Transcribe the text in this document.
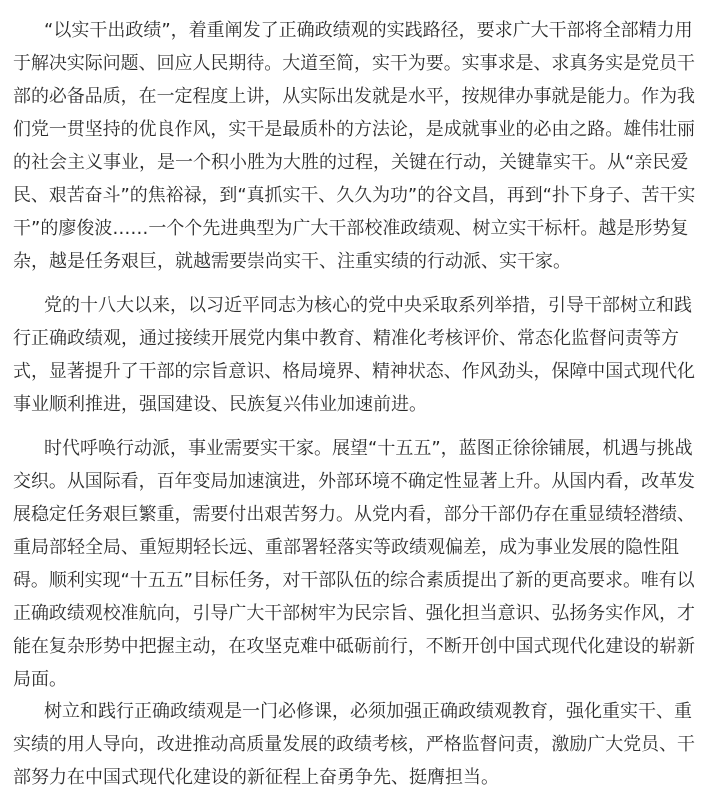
“以实干出政绩”，着重阐发了正确政绩观的实践路径，要求广大干部将全部精力用
于解决实际问题、回应人民期待。大道至简，实干为要。实事求是、求真务实是党员干
部的必备品质，在一定程度上讲，从实际出发就是水平，按规律办事就是能力。作为我
们党一贯坚持的优良作风，实干是最质朴的方法论，是成就事业的必由之路。雄伟壮丽
的社会主义事业，是一个积小胜为大胜的过程，关键在行动，关键靠实干。从“亲民爱
民、艰苦奋斗”的焦裕禄，到“真抓实干、久久为功”的谷文昌，再到“扑下身子、苦干实
干”的廖俊波……一个个先进典型为广大干部校准政绩观、树立实干标杆。越是形势复
杂，越是任务艰巨，就越需要崇尚实干、注重实绩的行动派、实干家。
党的十八大以来，以习近平同志为核心的党中央采取系列举措，引导干部树立和践
行正确政绩观，通过接续开展党内集中教育、精准化考核评价、常态化监督问责等方
式，显著提升了干部的宗旨意识、格局境界、精神状态、作风劲头，保障中国式现代化
事业顺利推进，强国建设、民族复兴伟业加速前进。
时代呼唤行动派，事业需要实干家。展望“十五五”，蓝图正徐徐铺展，机遇与挑战
交织。从国际看，百年变局加速演进，外部环境不确定性显著上升。从国内看，改革发
展稳定任务艰巨繁重，需要付出艰苦努力。从党内看，部分干部仍存在重显绩轻潜绩、
重局部轻全局、重短期轻长远、重部署轻落实等政绩观偏差，成为事业发展的隐性阻
碍。顺利实现“十五五”目标任务，对干部队伍的综合素质提出了新的更高要求。唯有以
正确政绩观校准航向，引导广大干部树牢为民宗旨、强化担当意识、弘扬务实作风，才
能在复杂形势中把握主动，在攻坚克难中砥砺前行，不断开创中国式现代化建设的崭新
局面。
树立和践行正确政绩观是一门必修课，必须加强正确政绩观教育，强化重实干、重
实绩的用人导向，改进推动高质量发展的政绩考核，严格监督问责，激励广大党员、干
部努力在中国式现代化建设的新征程上奋勇争先、挺膺担当。
